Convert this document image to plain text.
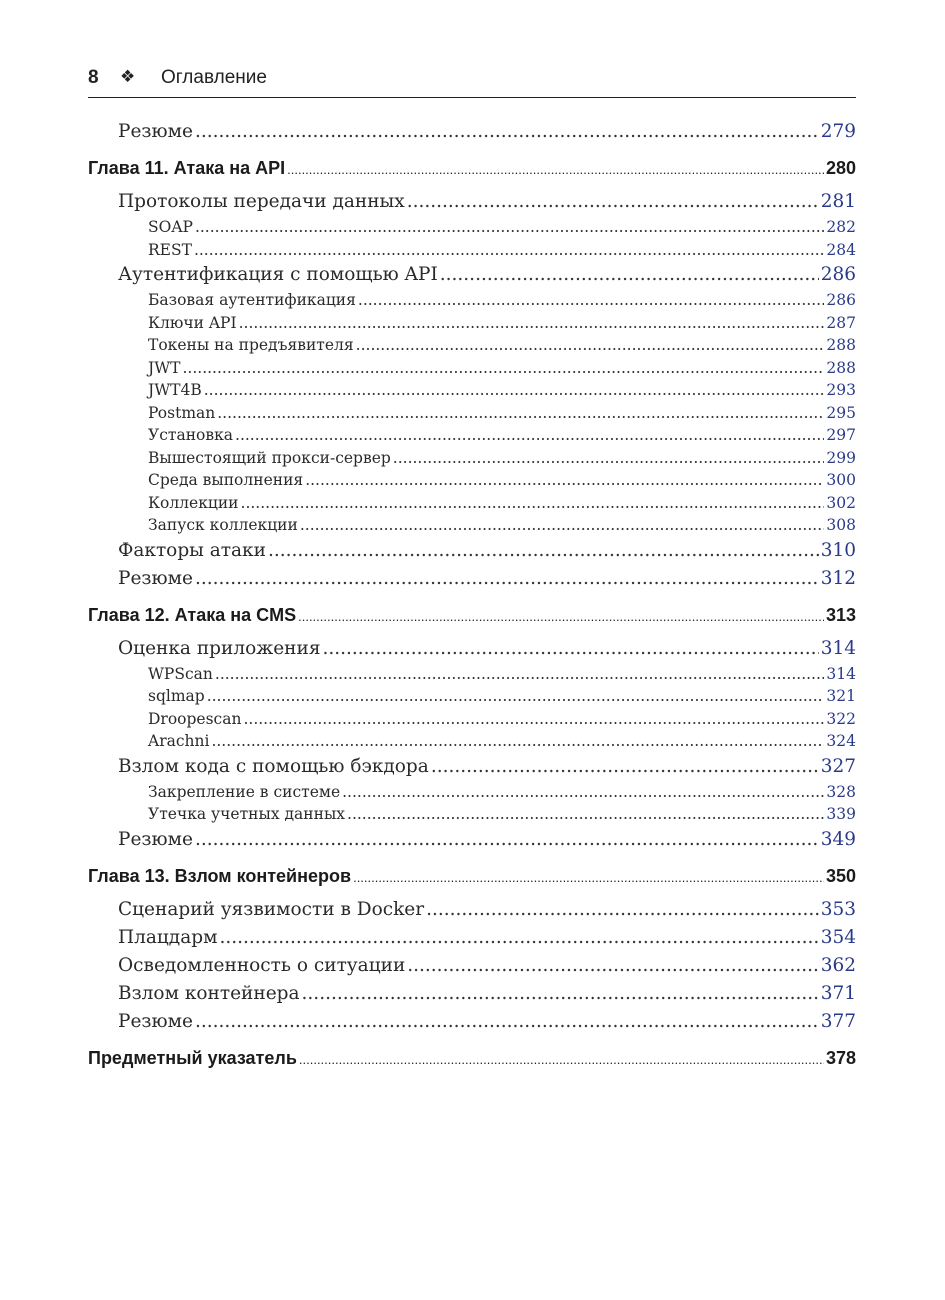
8 ❖ Оглавление
Резюме .....	279
Глава 11. Атака на API .....	280
Протоколы передачи данных .....	281
SOAP .....	282
REST .....	284
Аутентификация с помощью API .....	286
Базовая аутентификация .....	286
Ключи API .....	287
Токены на предъявителя .....	288
JWT .....	288
JWT4B .....	293
Postman .....	295
Установка .....	297
Вышестоящий прокси-сервер .....	299
Среда выполнения .....	300
Коллекции .....	302
Запуск коллекции .....	308
Факторы атаки .....	310
Резюме .....	312
Глава 12. Атака на CMS .....	313
Оценка приложения .....	314
WPScan .....	314
sqlmap .....	321
Droopescan .....	322
Arachni .....	324
Взлом кода с помощью бэкдора .....	327
Закрепление в системе .....	328
Утечка учетных данных .....	339
Резюме .....	349
Глава 13. Взлом контейнеров .....	350
Сценарий уязвимости в Docker .....	353
Плацдарм .....	354
Осведомленность о ситуации .....	362
Взлом контейнера .....	371
Резюме .....	377
Предметный указатель .....	378
